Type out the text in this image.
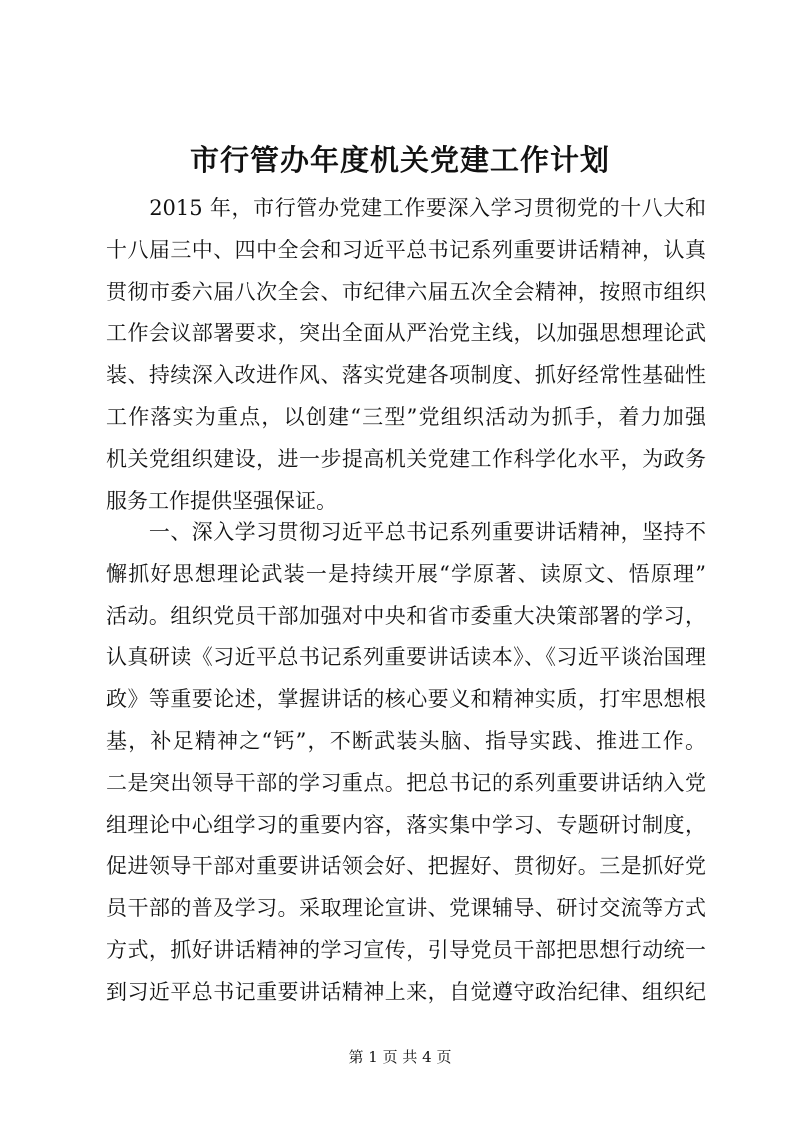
市行管办年度机关党建工作计划
　　2015 年，市行管办党建工作要深入学习贯彻党的十八大和
十八届三中、四中全会和习近平总书记系列重要讲话精神，认真
贯彻市委六届八次全会、市纪律六届五次全会精神，按照市组织
工作会议部署要求，突出全面从严治党主线，以加强思想理论武
装、持续深入改进作风、落实党建各项制度、抓好经常性基础性
工作落实为重点，以创建“三型”党组织活动为抓手，着力加强
机关党组织建设，进一步提高机关党建工作科学化水平，为政务
服务工作提供坚强保证。
　　一、深入学习贯彻习近平总书记系列重要讲话精神，坚持不
懈抓好思想理论武装一是持续开展“学原著、读原文、悟原理”
活动。组织党员干部加强对中央和省市委重大决策部署的学习，
认真研读《习近平总书记系列重要讲话读本》、《习近平谈治国理
政》等重要论述，掌握讲话的核心要义和精神实质，打牢思想根
基，补足精神之“钙”，不断武装头脑、指导实践、推进工作。
二是突出领导干部的学习重点。把总书记的系列重要讲话纳入党
组理论中心组学习的重要内容，落实集中学习、专题研讨制度，
促进领导干部对重要讲话领会好、把握好、贯彻好。三是抓好党
员干部的普及学习。采取理论宣讲、党课辅导、研讨交流等方式
方式，抓好讲话精神的学习宣传，引导党员干部把思想行动统一
到习近平总书记重要讲话精神上来，自觉遵守政治纪律、组织纪
第 1 页 共 4 页
